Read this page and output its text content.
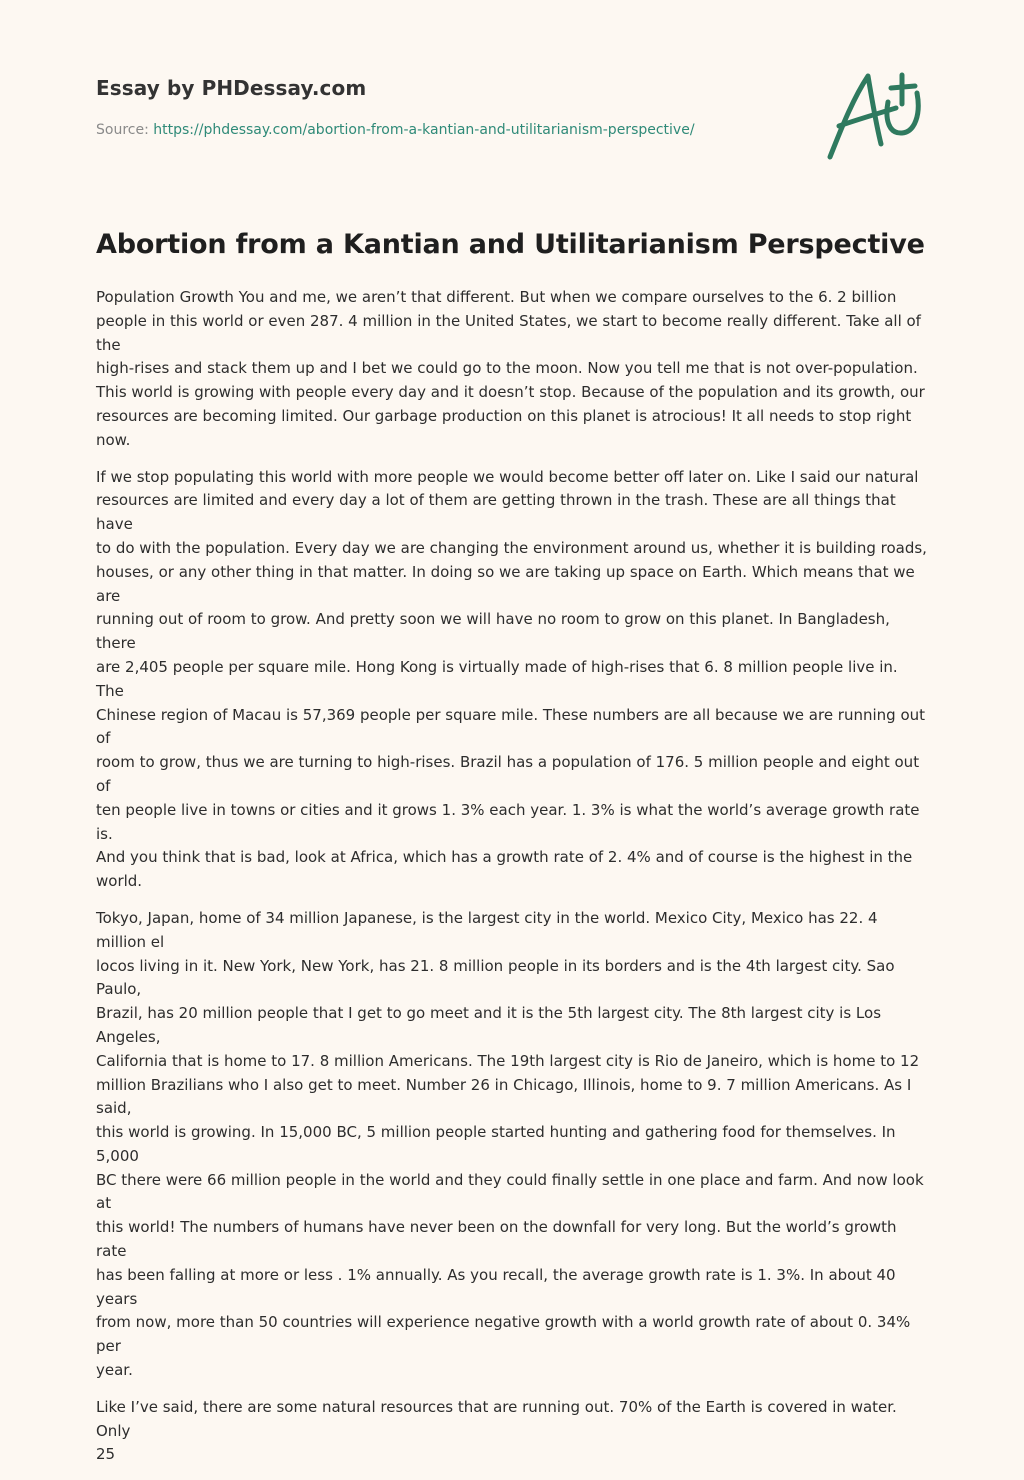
Essay by PHDessay.com
Source: https://phdessay.com/abortion-from-a-kantian-and-utilitarianism-perspective/
Abortion from a Kantian and Utilitarianism Perspective

Population Growth You and me, we aren’t that different. But when we compare ourselves to the 6. 2 billion
people in this world or even 287. 4 million in the United States, we start to become really different. Take all of the
high-rises and stack them up and I bet we could go to the moon. Now you tell me that is not over-population.
This world is growing with people every day and it doesn’t stop. Because of the population and its growth, our
resources are becoming limited. Our garbage production on this planet is atrocious! It all needs to stop right now.

If we stop populating this world with more people we would become better off later on. Like I said our natural
resources are limited and every day a lot of them are getting thrown in the trash. These are all things that have
to do with the population. Every day we are changing the environment around us, whether it is building roads,
houses, or any other thing in that matter. In doing so we are taking up space on Earth. Which means that we are
running out of room to grow. And pretty soon we will have no room to grow on this planet. In Bangladesh, there
are 2,405 people per square mile. Hong Kong is virtually made of high-rises that 6. 8 million people live in. The
Chinese region of Macau is 57,369 people per square mile. These numbers are all because we are running out of
room to grow, thus we are turning to high-rises. Brazil has a population of 176. 5 million people and eight out of
ten people live in towns or cities and it grows 1. 3% each year. 1. 3% is what the world’s average growth rate is.
And you think that is bad, look at Africa, which has a growth rate of 2. 4% and of course is the highest in the
world.

Tokyo, Japan, home of 34 million Japanese, is the largest city in the world. Mexico City, Mexico has 22. 4 million el
locos living in it. New York, New York, has 21. 8 million people in its borders and is the 4th largest city. Sao Paulo,
Brazil, has 20 million people that I get to go meet and it is the 5th largest city. The 8th largest city is Los Angeles,
California that is home to 17. 8 million Americans. The 19th largest city is Rio de Janeiro, which is home to 12
million Brazilians who I also get to meet. Number 26 in Chicago, Illinois, home to 9. 7 million Americans. As I said,
this world is growing. In 15,000 BC, 5 million people started hunting and gathering food for themselves. In 5,000
BC there were 66 million people in the world and they could finally settle in one place and farm. And now look at
this world! The numbers of humans have never been on the downfall for very long. But the world’s growth rate
has been falling at more or less . 1% annually. As you recall, the average growth rate is 1. 3%. In about 40 years
from now, more than 50 countries will experience negative growth with a world growth rate of about 0. 34% per
year.

Like I’ve said, there are some natural resources that are running out. 70% of the Earth is covered in water. Only
25
